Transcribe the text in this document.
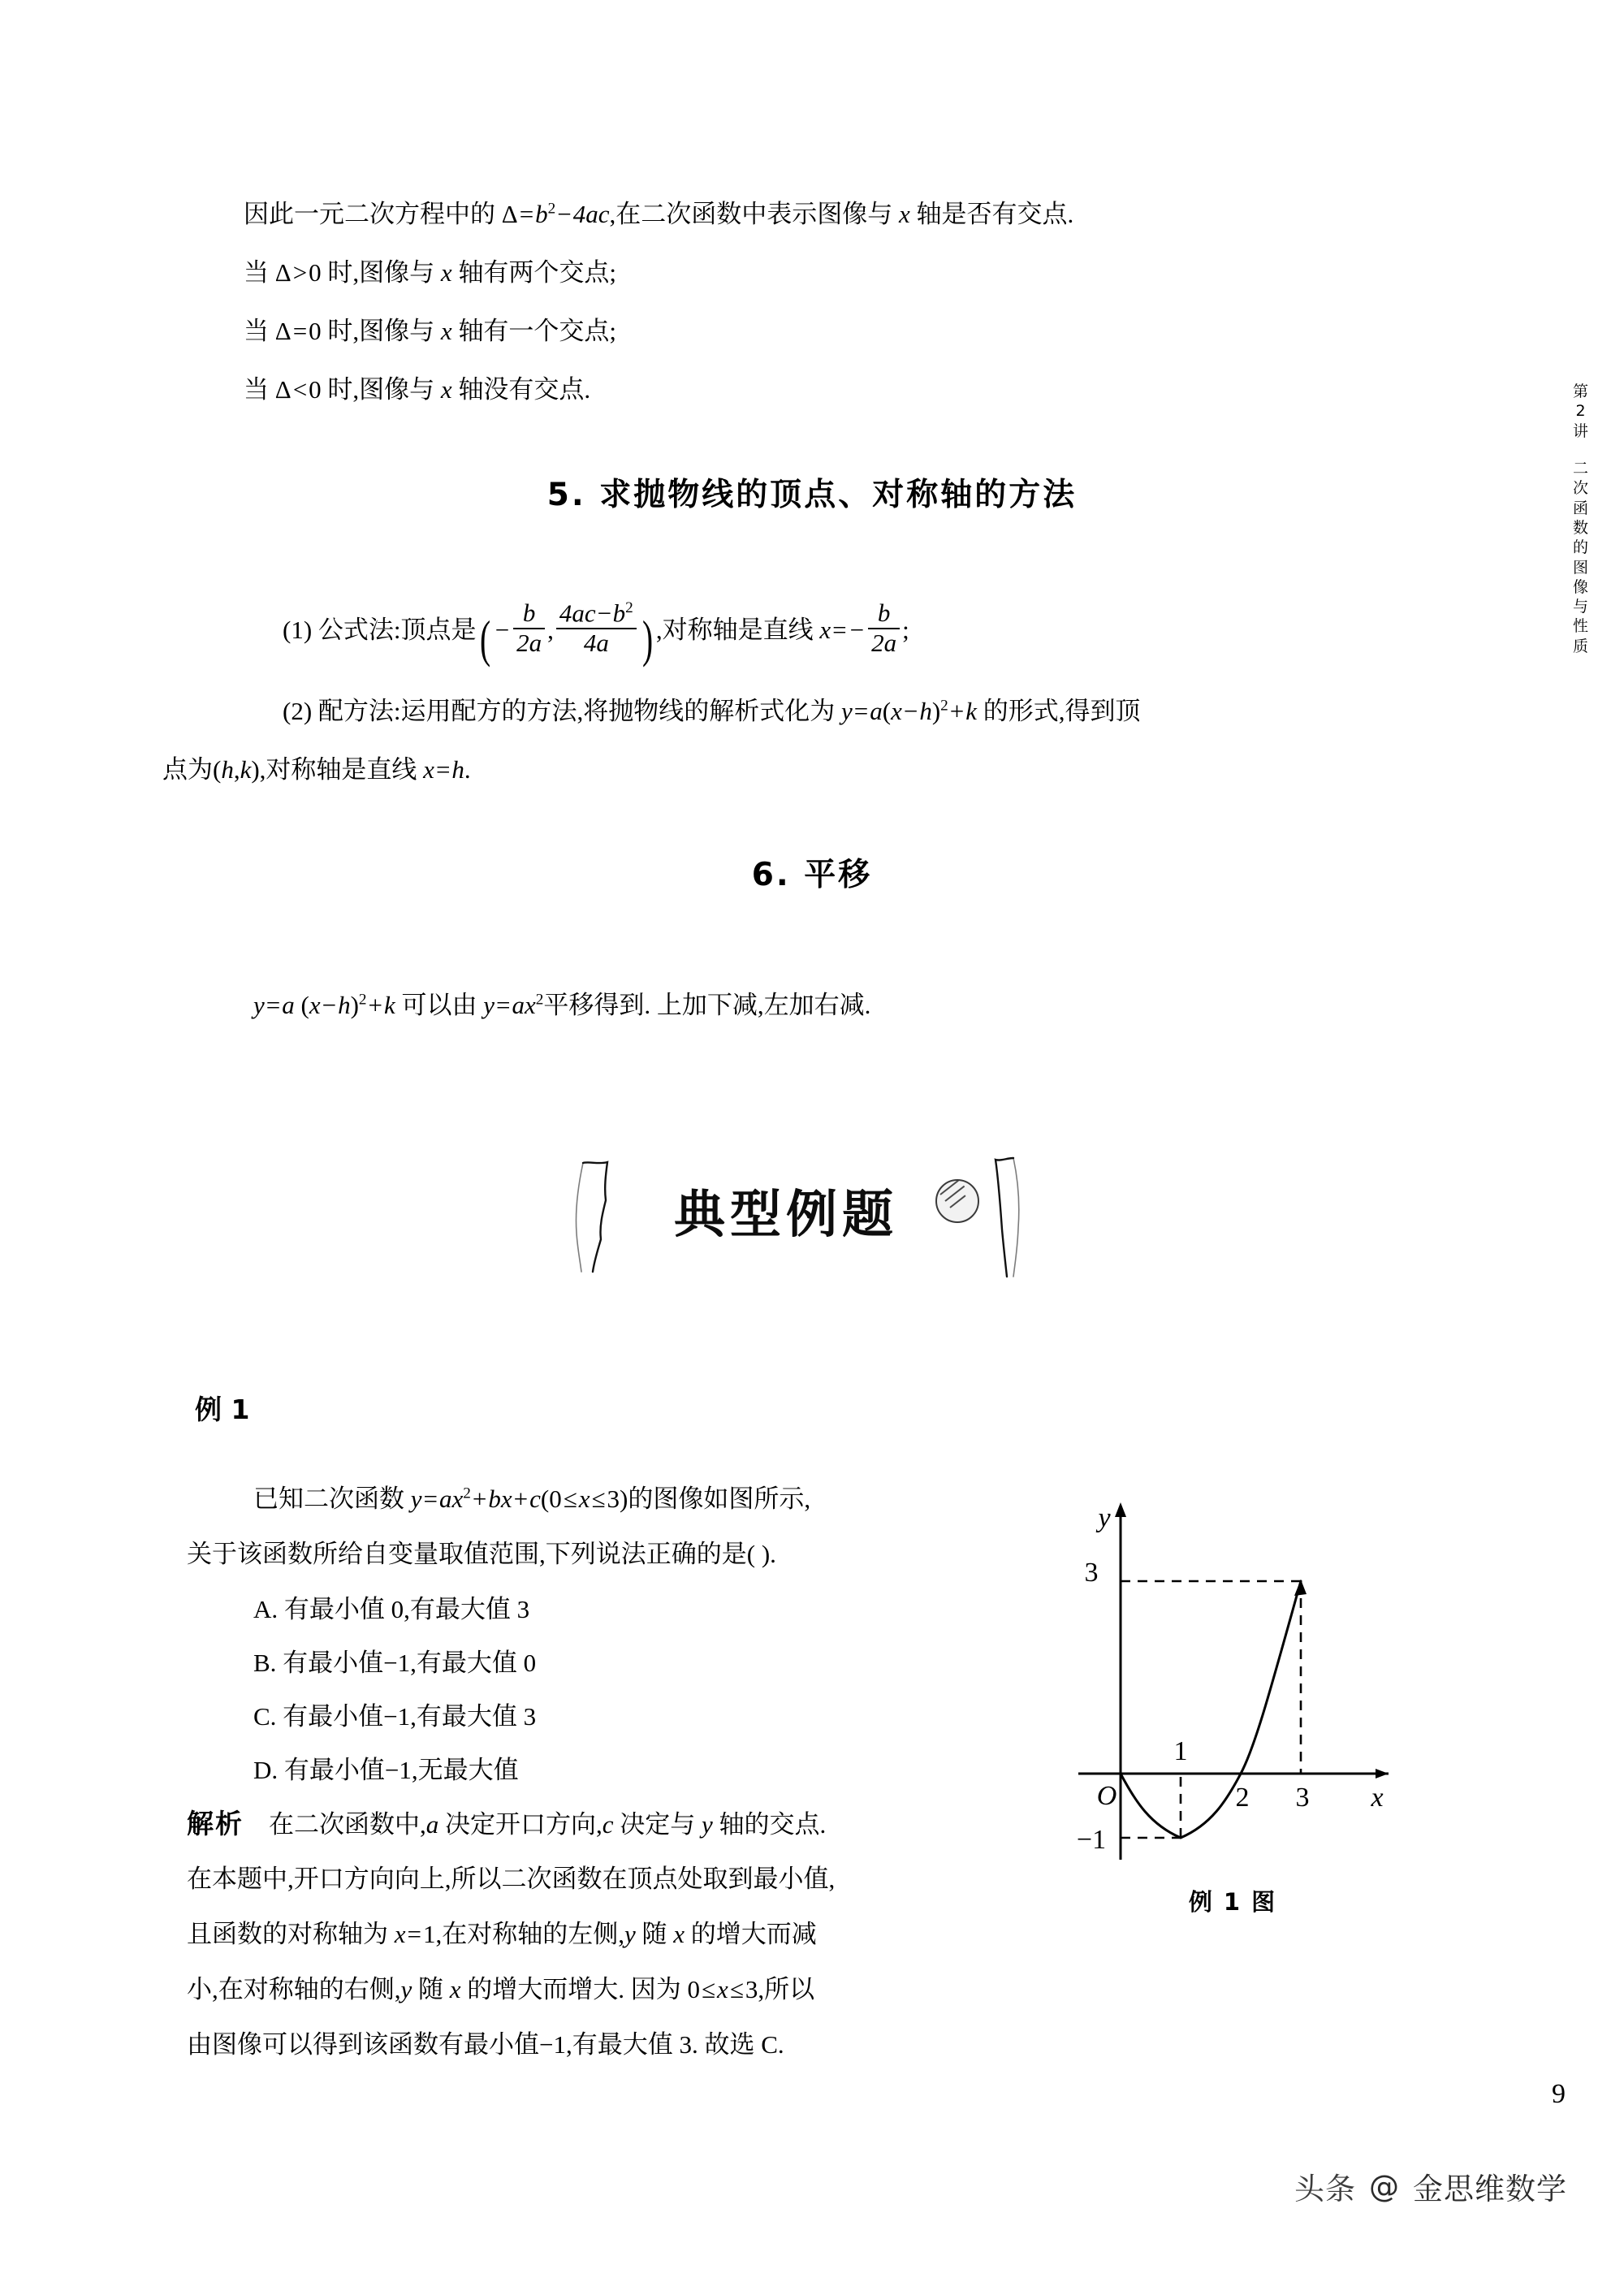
第
2
讲
二
次
函
数
的
图
像
与
性
质

因此一元二次方程中的 $\Delta=b^2-4ac$,在二次函数中表示图像与 x 轴是否有交点.

当 Δ>0 时,图像与 x 轴有两个交点;

当 Δ=0 时,图像与 x 轴有一个交点;

当 Δ<0 时,图像与 x 轴没有交点.

5. 求抛物线的顶点、对称轴的方法

(1) 公式法:顶点是( − $\frac{b}{2a}$ , $\frac{4ac-b^2}{4a}$ ) ,对称轴是直线 $x= - \frac{b}{2a}$ ;

(2) 配方法:运用配方的方法,将抛物线的解析式化为 $y=a(x-h)^2+k$ 的形式,得到顶

点为(h,k),对称轴是直线 x=h.

6. 平移

y=a $(x-h)^2+k$ 可以由 $y=ax^2$平移得到. 上加下减,左加右减.

典型例题
例 1

已知二次函数 $y=ax^2+bx+c(0\le x\le 3)$的图像如图所示,

关于该函数所给自变量取值范围,下列说法正确的是( ).
A. 有最小值 0,有最大值 3
B. 有最小值−1,有最大值 0
C. 有最小值−1,有最大值 3
D. 有最小值−1,无最大值

解析 在二次函数中,a 决定开口方向,c 决定与 y 轴的交点.

在本题中,开口方向向上,所以二次函数在顶点处取到最小值,

且函数的对称轴为 x=1,在对称轴的左侧,y 随 x 的增大而减

小,在对称轴的右侧,y 随 x 的增大而增大. 因为 0≤x≤3,所以

由图像可以得到该函数有最小值−1,有最大值 3. 故选 C.
3
−1
O
1
2 3
y
x
例 1 图
9
头条 @ 金思维数学
